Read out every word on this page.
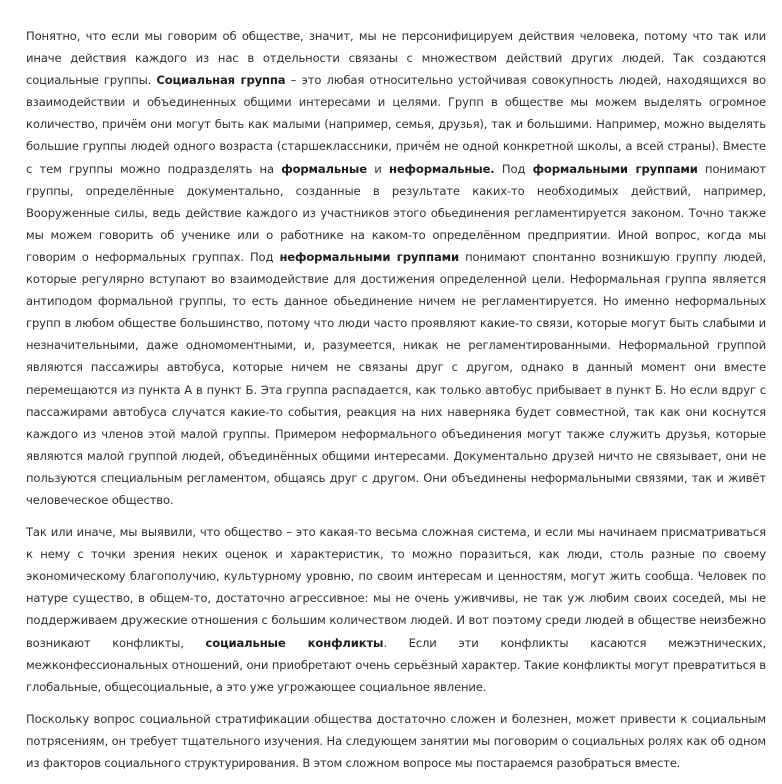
Понятно, что если мы говорим об обществе, значит, мы не персонифицируем действия человека, потому что так или иначе действия каждого из нас в отдельности связаны с множеством действий других людей. Так создаются социальные группы. Социальная группа – это любая относительно устойчивая совокупность людей, находящихся во взаимодействии и объединенных общими интересами и целями. Групп в обществе мы можем выделять огромное количество, причём они могут быть как малыми (например, семья, друзья), так и большими. Например, можно выделять большие группы людей одного возраста (старшеклассники, причём не одной конкретной школы, а всей страны). Вместе с тем группы можно подразделять на формальные и неформальные. Под формальными группами понимают группы, определённые документально, созданные в результате каких-то необходимых действий, например, Вооруженные силы, ведь действие каждого из участников этого обьединения регламентируется законом. Точно также мы можем говорить об ученике или о работнике на каком-то определённом предприятии. Иной вопрос, когда мы говорим о неформальных группах. Под неформальными группами понимают спонтанно возникшую группу людей, которые регулярно вступают во взаимодействие для достижения определенной цели. Неформальная группа является антиподом формальной группы, то есть данное обьединение ничем не регламентируется. Но именно неформальных групп в любом обществе большинство, потому что люди часто проявляют какие-то связи, которые могут быть слабыми и незначительными, даже одномоментными, и, разумеется, никак не регламентированными. Неформальной группой являются пассажиры автобуса, которые ничем не связаны друг с другом, однако в данный момент они вместе перемещаются из пункта А в пункт Б. Эта группа распадается, как только автобус прибывает в пункт Б. Но если вдруг с пассажирами автобуса случатся какие-то события, реакция на них наверняка будет совместной, так как они коснутся каждого из членов этой малой группы. Примером неформального объединения могут также служить друзья, которые являются малой группой людей, объединённых общими интересами. Документально друзей ничто не связывает, они не пользуются специальным регламентом, общаясь друг с другом. Они объединены неформальными связями, так и живёт человеческое общество.

Так или иначе, мы выявили, что общество – это какая-то весьма сложная система, и если мы начинаем присматриваться к нему с точки зрения неких оценок и характеристик, то можно поразиться, как люди, столь разные по своему экономическому благополучию, культурному уровню, по своим интересам и ценностям, могут жить сообща. Человек по натуре существо, в общем-то, достаточно агрессивное: мы не очень уживчивы, не так уж любим своих соседей, мы не поддерживаем дружеские отношения с большим количеством людей. И вот поэтому среди людей в обществе неизбежно возникают конфликты, социальные конфликты. Если эти конфликты касаются межэтнических, межконфессиональных отношений, они приобретают очень серьёзный характер. Такие конфликты могут превратиться в глобальные, общесоциальные, а это уже угрожающее социальное явление.

Поскольку вопрос социальной стратификации общества достаточно сложен и болезнен, может привести к социальным потрясениям, он требует тщательного изучения. На следующем занятии мы поговорим о социальных ролях как об одном из факторов социального структурирования. В этом сложном вопросе мы постараемся разобраться вместе.
